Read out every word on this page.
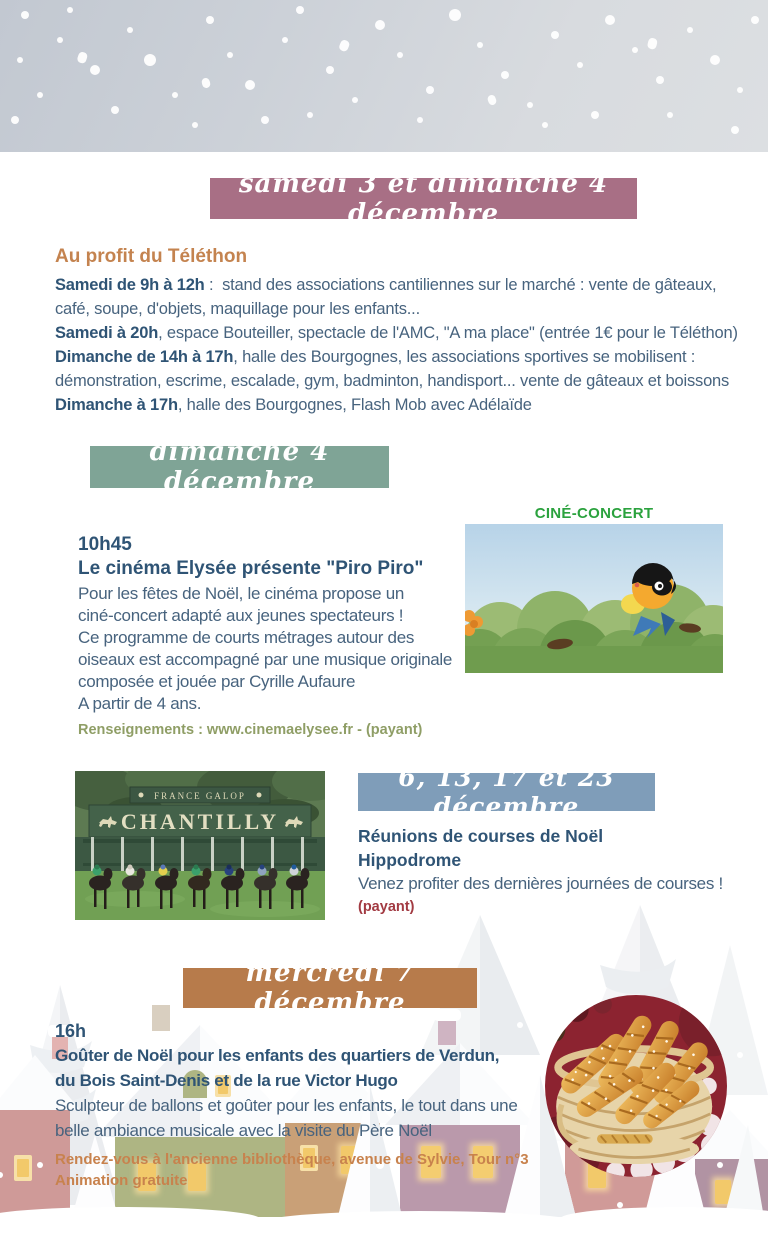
samedi 3 et dimanche 4 décembre
dimanche 4 décembre
6, 13, 17 et 23 décembre
mercredi 7 décembre
Au profit du Téléthon
Samedi de 9h à 12h :  stand des associations cantiliennes sur le marché : vente de gâteaux,
café, soupe, d'objets, maquillage pour les enfants...
Samedi à 20h, espace Bouteiller, spectacle de l'AMC, "A ma place" (entrée 1€ pour le Téléthon)
Dimanche de 14h à 17h, halle des Bourgognes, les associations sportives se mobilisent :
démonstration, escrime, escalade, gym, badminton, handisport... vente de gâteaux et boissons
Dimanche à 17h, halle des Bourgognes, Flash Mob avec Adélaïde
CINÉ-CONCERT
10h45
Le cinéma Elysée présente "Piro Piro"
Pour les fêtes de Noël, le cinéma propose un
ciné-concert adapté aux jeunes spectateurs !
Ce programme de courts métrages autour des
oiseaux est accompagné par une musique originale
composée et jouée par Cyrille Aufaure
A partir de 4 ans.
Renseignements : www.cinemaelysee.fr - (payant)
FRANCE GALOP
CHANTILLY
Réunions de courses de Noël
Hippodrome
Venez profiter des dernières journées de courses !
(payant)
16h
Goûter de Noël pour les enfants des quartiers de Verdun,
du Bois Saint-Denis et de la rue Victor Hugo
Sculpteur de ballons et goûter pour les enfants, le tout dans une
belle ambiance musicale avec la visite du Père Noël
Rendez-vous à l'ancienne bibliothèque, avenue de Sylvie, Tour n°3
Animation gratuite
